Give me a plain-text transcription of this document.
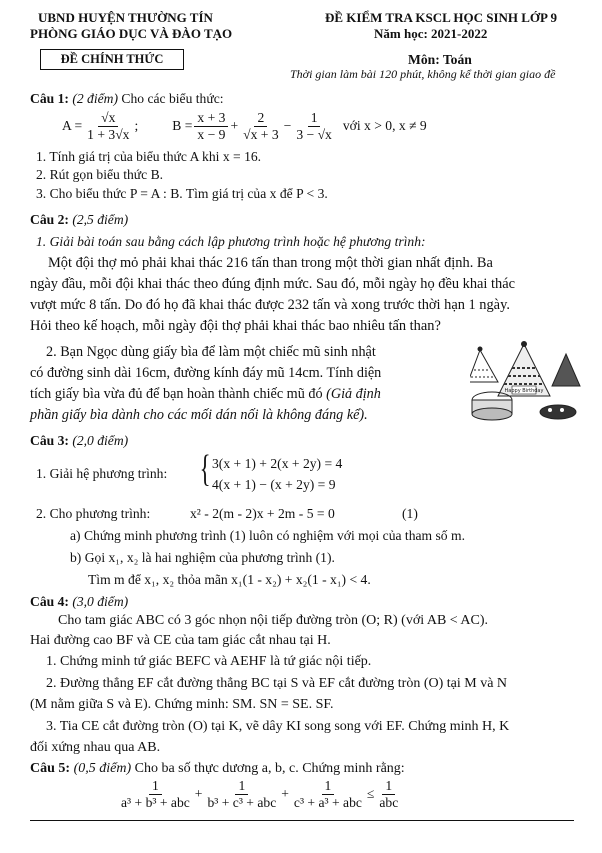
UBND HUYỆN THƯỜNG TÍN
PHÒNG GIÁO DỤC VÀ ĐÀO TẠO
ĐỀ CHÍNH THỨC
ĐỀ KIỂM TRA KSCL HỌC SINH LỚP 9
Năm học: 2021-2022
Môn: Toán
Thời gian làm bài 120 phút, không kể thời gian giao đề
Câu 1: (2 điểm) Cho các biểu thức:
$A = \frac{√x}{1 + 3√x}$ ;	$B = \frac{x + 3}{x - 9} + \frac{2}{√x + 3} - \frac{1}{3 - √x}$ với x > 0, x ≠ 9
1. Tính giá trị của biểu thức A khi x = 16.
2. Rút gọn biểu thức B.
3. Cho biểu thức P = A : B. Tìm giá trị của x để P < 3.
Câu 2: (2,5 điểm)
1. Giải bài toán sau bằng cách lập phương trình hoặc hệ phương trình:
Một đội thợ mỏ phải khai thác 216 tấn than trong một thời gian nhất định. Ba
ngày đầu, mỗi đội khai thác theo đúng định mức. Sau đó, mỗi ngày họ đều khai thác
vượt mức 8 tấn. Do đó họ đã khai thác được 232 tấn và xong trước thời hạn 1 ngày.
Hỏi theo kế hoạch, mỗi ngày đội thợ phải khai thác bao nhiêu tấn than?
2. Bạn Ngọc dùng giấy bìa để làm một chiếc mũ sinh nhật
có đường sinh dài 16cm, đường kính đáy mũ 14cm. Tính diện
tích giấy bìa vừa đủ để bạn hoàn thành chiếc mũ đó (Giả định
phần giấy bìa dành cho các mối dán nối là không đáng kể).
Happy Birthday
Câu 3: (2,0 điểm)
1. Giải hệ phương trình: { 3(x + 1) + 2(x + 2y) = 4
4(x + 1) − (x + 2y) = 9
2. Cho phương trình:	x² - 2(m - 2)x + 2m - 5 = 0	(1)
a) Chứng minh phương trình (1) luôn có nghiệm với mọi của tham số m.
b) Gọi x₁, x₂ là hai nghiệm của phương trình (1).
Tìm m để x₁, x₂ thỏa mãn x₁(1 - x₂) + x₂(1 - x₁) < 4.
Câu 4: (3,0 điểm)
Cho tam giác ABC có 3 góc nhọn nội tiếp đường tròn (O; R) (với AB < AC).
Hai đường cao BF và CE của tam giác cắt nhau tại H.
1. Chứng minh tứ giác BEFC và AEHF là tứ giác nội tiếp.
2. Đường thẳng EF cắt đường thẳng BC tại S và EF cắt đường tròn (O) tại M và N
(M nằm giữa S và E). Chứng minh: SM. SN = SE. SF.
3. Tia CE cắt đường tròn (O) tại K, vẽ dây KI song song với EF. Chứng minh H, K
đối xứng nhau qua AB.
Câu 5: (0,5 điểm) Cho ba số thực dương a, b, c. Chứng minh rằng:
$\frac{1}{\text{a³ + b³ + abc}} + \frac{1}{\text{b³ + c³ + abc}} + \frac{1}{\text{c³ + a³ + abc}} \le \frac{1}{\text{abc}}$
